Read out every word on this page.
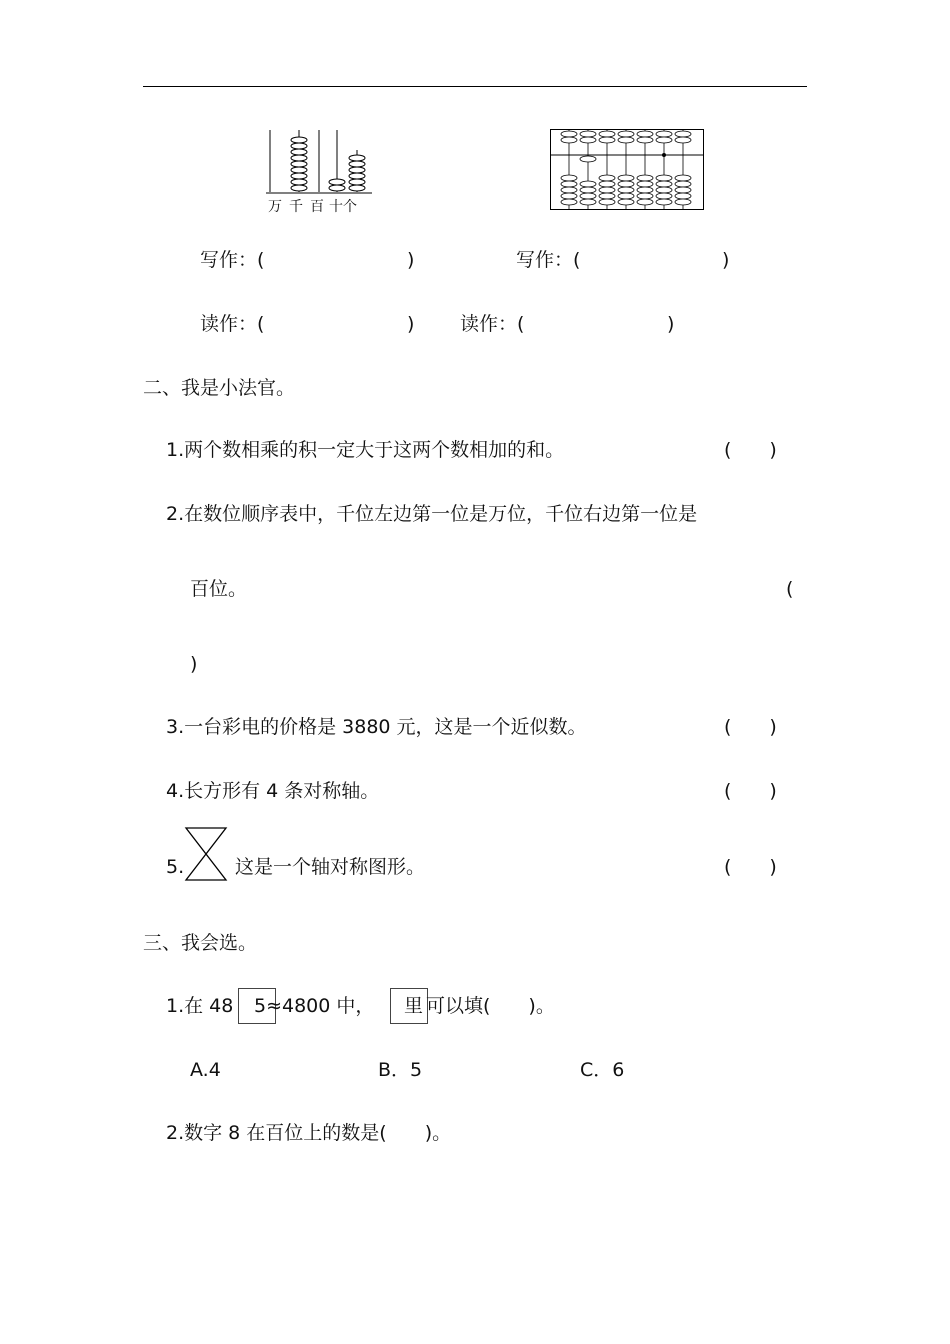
万 千 百 十个
写作：(	)	写作：(	)
读作：(	) 读作：(	)
二、我是小法官。
1.两个数相乘的积一定大于这两个数相加的和。	(　　)
2.在数位顺序表中，千位左边第一位是万位，千位右边第一位是
百位。	(
)
3.一台彩电的价格是 3880 元，这是一个近似数。	(　　)
4.长方形有 4 条对称轴。	(　　)
5.	这是一个轴对称图形。	(　　)
三、我会选。
1.在 48 5≈4800 中， 里 可以填(　　)。
A.4	B．5	C．6
2.数字 8 在百位上的数是(　　)。
